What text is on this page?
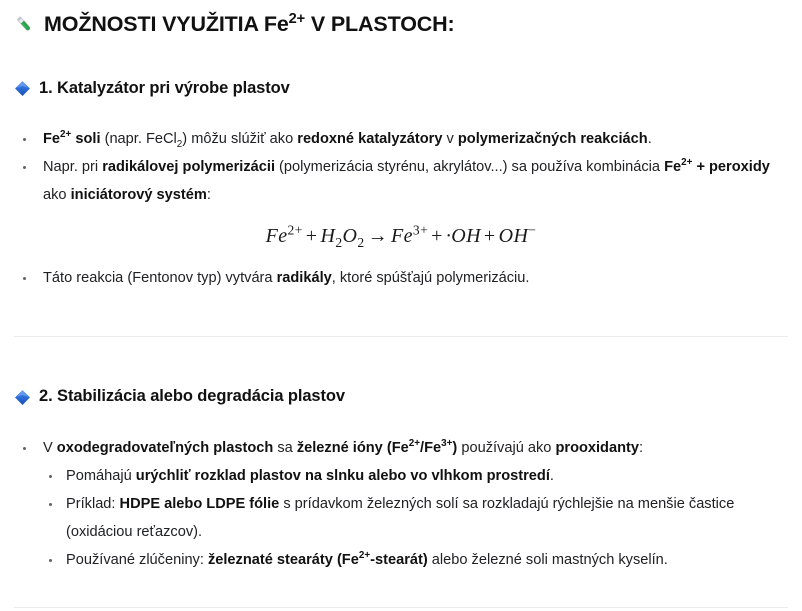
MOŽNOSTI VYUŽITIA $Fe^{2+}$ V PLASTOCH:
1. Katalyzátor pri výrobe plastov
$Fe^{2+}$ soli (napr. FeCl$_2$) môžu slúžiť ako redoxné katalyzátory v polymerizačných reakciách.
Napr. pri radikálovej polymerizácii (polymerizácia styrénu, akrylátov...) sa používa kombinácia $Fe^{2+}$ + peroxidy ako iniciátorový systém:
$Fe^{2+} + H_2O_2 \to Fe^{3+} + \cdot OH + OH^-$
Táto reakcia (Fentonov typ) vytvára radikály, ktoré spúšťajú polymerizáciu.
2. Stabilizácia alebo degradácia plastov
V oxodegradovateľných plastoch sa železné ióny $(Fe^{2+}/Fe^{3+})$ používajú ako prooxidanty:
Pomáhajú urýchliť rozklad plastov na slnku alebo vo vlhkom prostredí.
Príklad: HDPE alebo LDPE fólie s prídavkom železných solí sa rozkladajú rýchlejšie na menšie častice (oxidáciou reťazcov).
Používané zlúčeniny: železnaté stearáty $(Fe^{2+}-stearát)$ alebo železné soli mastných kyselín.
